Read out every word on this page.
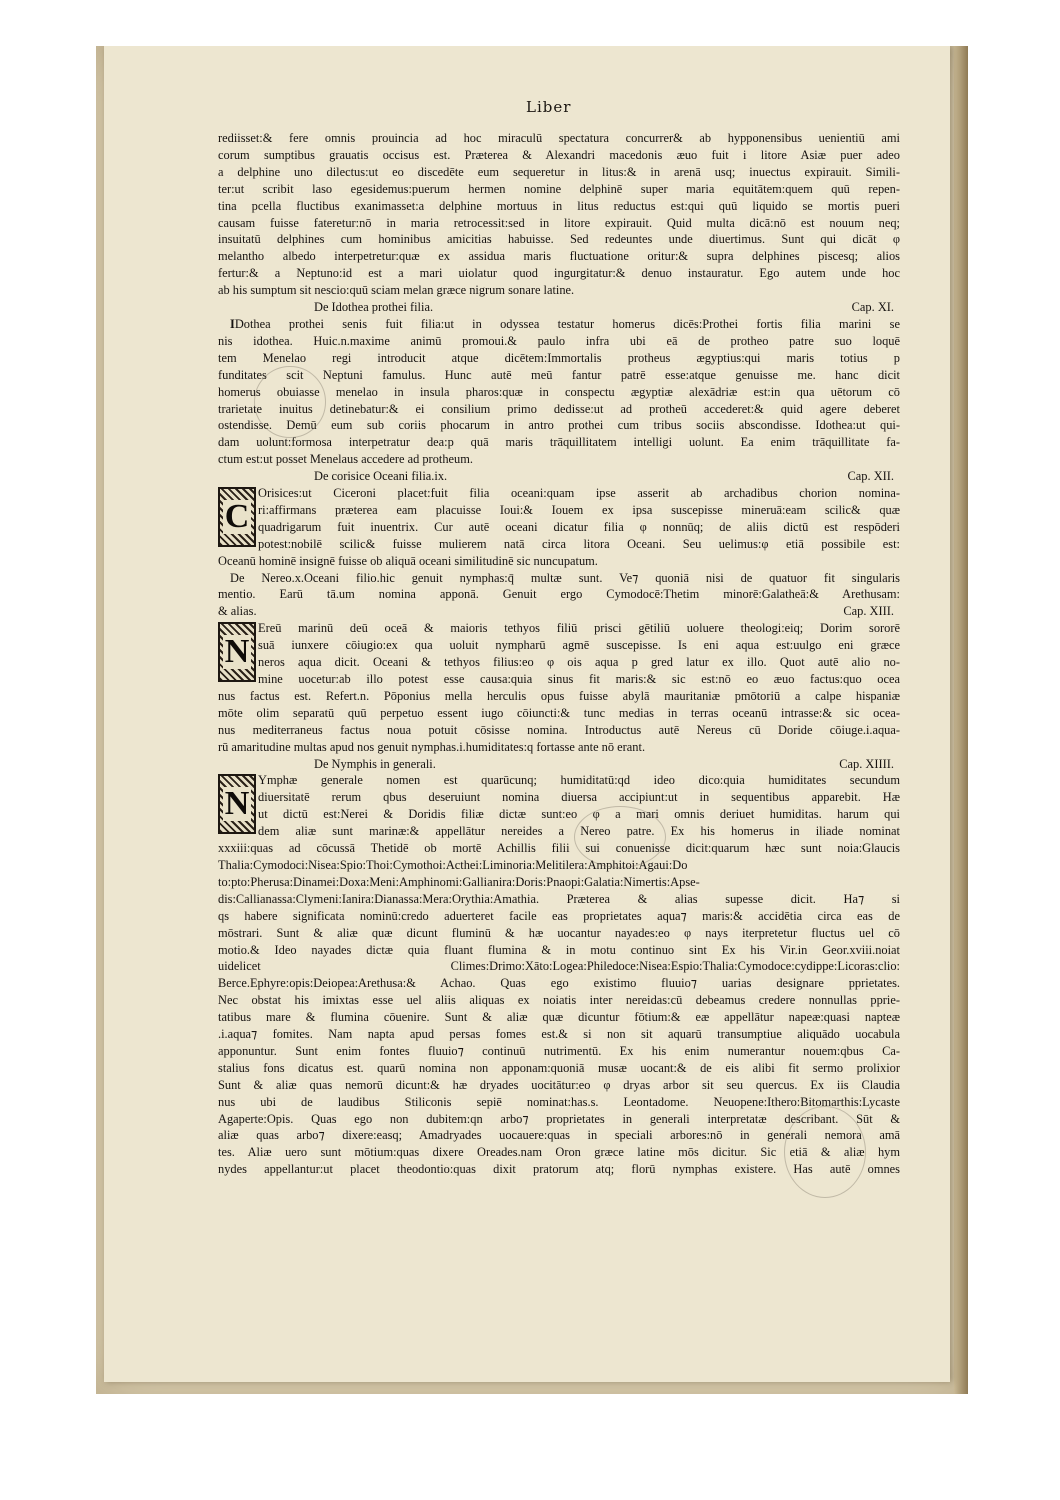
Liber
rediisset:& fere omnis prouincia ad hoc miraculū spectatura concurrer& ab hypponensibus uenientiū ami
corum sumptibus grauatis occisus est. Præterea & Alexandri macedonis æuo fuit i litore Asiæ puer adeo
a delphine uno dilectus:ut eo discedēte eum sequeretur in litus:& in arenā usq; inuectus expirauit. Simili-
ter:ut scribit laso egesidemus:puerum hermen nomine delphinē super maria equitātem:quem quū repen-
tina pcella fluctibus exanimasset:a delphine mortuus in litus reductus est:qui quū liquido se mortis pueri
causam fuisse fateretur:nō in maria retrocessit:sed in litore expirauit. Quid multa dicā:nō est nouum neq;
insuitatū delphines cum hominibus amicitias habuisse. Sed redeuntes unde diuertimus. Sunt qui dicāt φ
melantho albedo interpetretur:quæ ex assidua maris fluctuatione oritur:& supra delphines piscesq; alios
fertur:& a Neptuno:id est a mari uiolatur quod ingurgitatur:& denuo instauratur. Ego autem unde hoc
ab his sumptum sit nescio:quū sciam melan græce nigrum sonare latine.
De Idothea prothei filia.	Cap. XI.
IDothea prothei senis fuit filia:ut in odyssea testatur homerus dicēs:Prothei fortis filia marini se
nis idothea. Huic.n.maxime animū promoui.& paulo infra ubi eā de protheo patre suo loquē
tem Menelao regi introducit atque dicētem:Immortalis protheus ægyptius:qui maris totius p
funditates scit Neptuni famulus. Hunc autē meū fantur patrē esse:atque genuisse me. hanc dicit
homerus obuiasse menelao in insula pharos:quæ in conspectu ægyptiæ alexādriæ est:in qua uētorum cō
trarietate inuitus detinebatur:& ei consilium primo dedisse:ut ad protheū accederet:& quid agere deberet
ostendisse. Demū eum sub coriis phocarum in antro prothei cum tribus sociis abscondisse. Idothea:ut qui-
dam uolunt:formosa interpetratur dea:p quā maris trāquillitatem intelligi uolunt. Ea enim trāquillitate fa-
ctum est:ut posset Menelaus accedere ad protheum.
De corisice Oceani filia.ix.	Cap. XII.
C
Orisices:ut Ciceroni placet:fuit filia oceani:quam ipse asserit ab archadibus chorion nomina-
ri:affirmans præterea eam placuisse Ioui:& Iouem ex ipsa suscepisse mineruā:eam scilic& quæ
quadrigarum fuit inuentrix. Cur autē oceani dicatur filia φ nonnūq; de aliis dictū est respōderi
potest:nobilē scilic& fuisse mulierem natā circa litora Oceani. Seu uelimus:φ etiā possibile est:
Oceanū hominē insignē fuisse ob aliquā oceani similitudinē sic nuncupatum.
De Nereo.x.Oceani filio.hic genuit nymphas:q̄ multæ sunt. Ve⁊ quoniā nisi de quatuor fit singularis
mentio. Earū tā.um nomina apponā. Genuit ergo Cymodocē:Thetim minorē:Galatheā:& Arethusam:
& alias.	Cap. XIII.
N
Ereū marinū deū oceā & maioris tethyos filiū prisci gētiliū uoluere theologi:eiq; Dorim sororē
suā iunxere cōiugio:ex qua uoluit nympharū agmē suscepisse. Is eni aqua est:uulgo eni græce
neros aqua dicit. Oceani & tethyos filius:eo φ ois aqua p gred latur ex illo. Quot autē alio no-
mine uocetur:ab illo potest esse causa:quia sinus fit maris:& sic est:nō eo æuo factus:quo ocea
nus factus est. Refert.n. Pōponius mella herculis opus fuisse abylā mauritaniæ pmōtoriū a calpe hispaniæ
mōte olim separatū quū perpetuo essent iugo cōiuncti:& tunc medias in terras oceanū intrasse:& sic ocea-
nus mediterraneus factus noua potuit cōsisse nomina. Introductus autē Nereus cū Doride cōiuge.i.aqua-
rū amaritudine multas apud nos genuit nymphas.i.humiditates:q fortasse ante nō erant.
De Nymphis in generali.	Cap. XIIII.
N
Ymphæ generale nomen est quarūcunq; humiditatū:qd ideo dico:quia humiditates secundum
diuersitatē rerum qbus deseruiunt nomina diuersa accipiunt:ut in sequentibus apparebit. Hæ
ut dictū est:Nerei & Doridis filiæ dictæ sunt:eo φ a mari omnis deriuet humiditas. harum qui
dem aliæ sunt marinæ:& appellātur nereides a Nereo patre. Ex his homerus in iliade nominat
xxxiii:quas ad cōcussā Thetidē ob mortē Achillis filii sui conuenisse dicit:quarum hæc sunt noia:Glaucis
Thalia:Cymodoci:Nisea:Spio:Thoi:Cymothoi:Acthei:Liminoria:Melitilera:Amphitoi:Agaui:Do
to:pto:Pherusa:Dinamei:Doxa:Meni:Amphinomi:Gallianira:Doris:Pnaopi:Galatia:Nimertis:Apse-
dis:Callianassa:Clymeni:Ianira:Dianassa:Mera:Orythia:Amathia. Præterea & alias supesse dicit. Ha⁊ si
qs habere significata nominū:credo aduerteret facile eas proprietates aqua⁊ maris:& accidētia circa eas de
mōstrari. Sunt & aliæ quæ dicunt fluminū & hæ uocantur nayades:eo φ nays iterpretetur fluctus uel cō
motio.& Ideo nayades dictæ quia fluant flumina & in motu continuo sint Ex his Vir.in Geor.xviii.noiat
uidelicet Climes:Drimo:Xāto:Logea:Philedoce:Nisea:Espio:Thalia:Cymodoce:cydippe:Licoras:clio:
Berce.Ephyre:opis:Deiopea:Arethusa:& Achao. Quas ego existimo fluuio⁊ uarias designare pprietates.
Nec obstat his imixtas esse uel aliis aliquas ex noiatis inter nereidas:cū debeamus credere nonnullas pprie-
tatibus mare & flumina cōuenire. Sunt & aliæ quæ dicuntur fōtium:& eæ appellātur napeæ:quasi napteæ
.i.aqua⁊ fomites. Nam napta apud persas fomes est.& si non sit aquarū transumptiue aliquādo uocabula
apponuntur. Sunt enim fontes fluuio⁊ continuū nutrimentū. Ex his enim numerantur nouem:qbus Ca-
stalius fons dicatus est. quarū nomina non apponam:quoniā musæ uocant:& de eis alibi fit sermo prolixior
Sunt & aliæ quas nemorū dicunt:& hæ dryades uocitātur:eo φ dryas arbor sit seu quercus. Ex iis Claudia
nus ubi de laudibus Stiliconis sepiē nominat:has.s. Leontadome. Neuopene:Ithero:Bitomarthis:Lycaste
Agaperte:Opis. Quas ego non dubitem:qn arbo⁊ proprietates in generali interpretatæ describant. Sūt &
aliæ quas arbo⁊ dixere:easq; Amadryades uocauere:quas in speciali arbores:nō in generali nemora amā
tes. Aliæ uero sunt mōtium:quas dixere Oreades.nam Oron græce latine mōs dicitur. Sic etiā & aliæ hym
nydes appellantur:ut placet theodontio:quas dixit pratorum atq; florū nymphas existere. Has autē omnes
